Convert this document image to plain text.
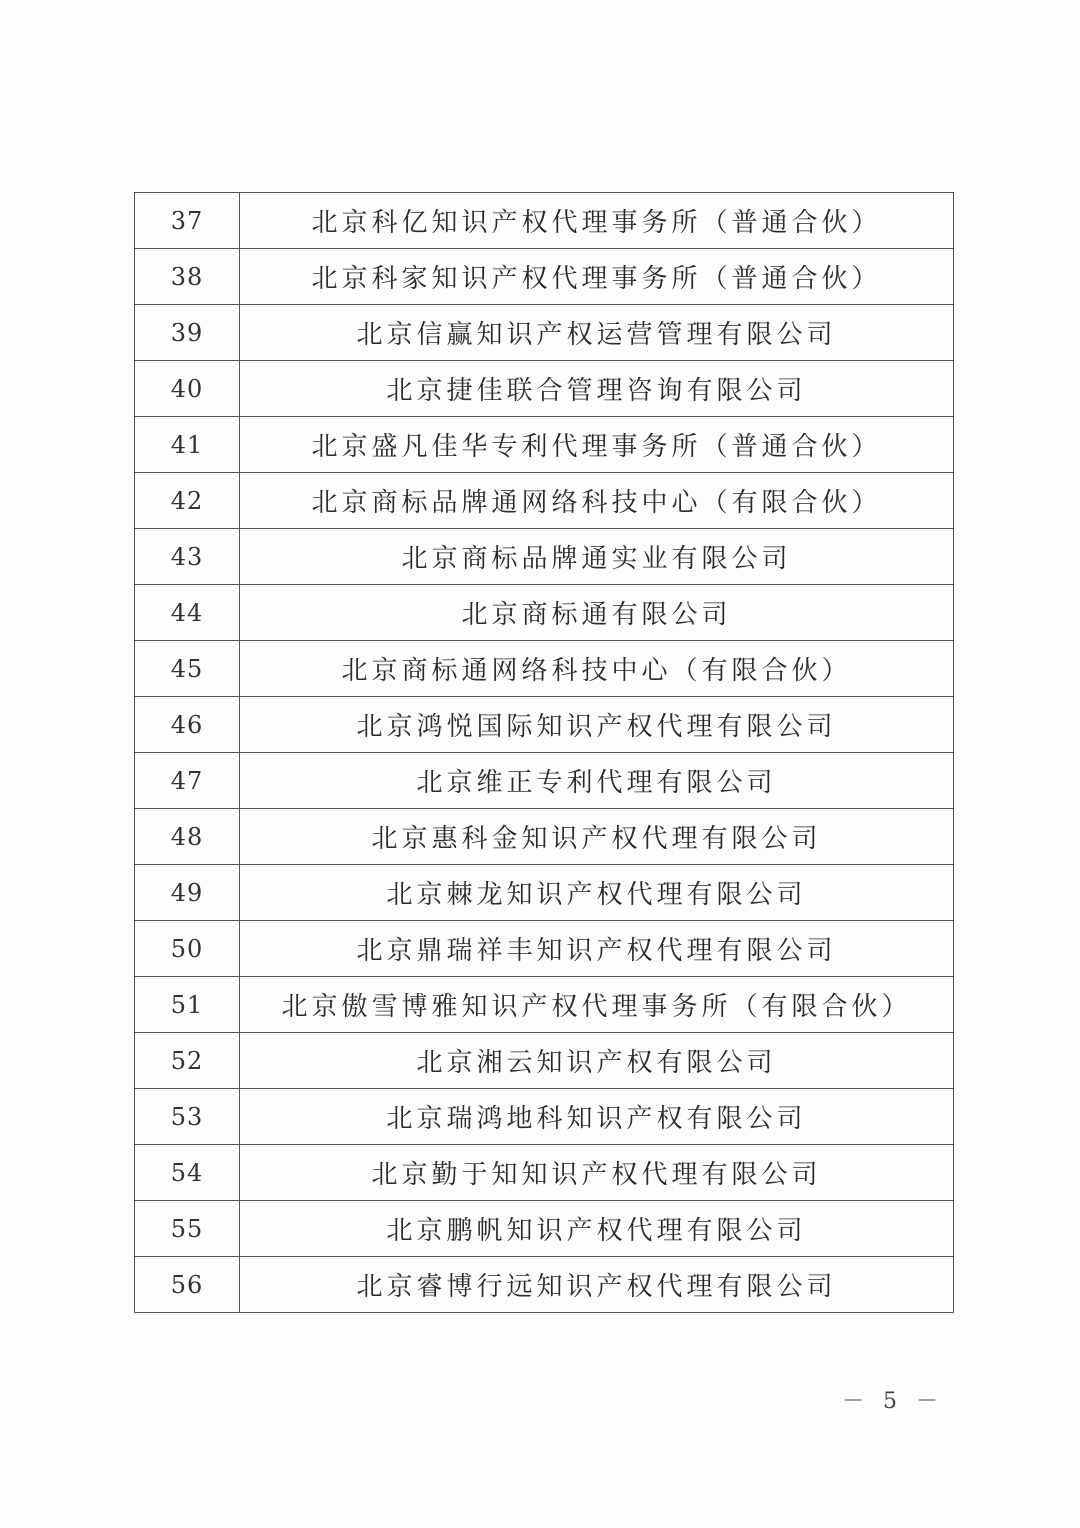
37	北京科亿知识产权代理事务所（普通合伙）
38	北京科家知识产权代理事务所（普通合伙）
39	北京信赢知识产权运营管理有限公司
40	北京捷佳联合管理咨询有限公司
41	北京盛凡佳华专利代理事务所（普通合伙）
42	北京商标品牌通网络科技中心（有限合伙）
43	北京商标品牌通实业有限公司
44	北京商标通有限公司
45	北京商标通网络科技中心（有限合伙）
46	北京鸿悦国际知识产权代理有限公司
47	北京维正专利代理有限公司
48	北京惠科金知识产权代理有限公司
49	北京棘龙知识产权代理有限公司
50	北京鼎瑞祥丰知识产权代理有限公司
51	北京傲雪博雅知识产权代理事务所（有限合伙）
52	北京湘云知识产权有限公司
53	北京瑞鸿地科知识产权有限公司
54	北京勤于知知识产权代理有限公司
55	北京鹏帆知识产权代理有限公司
56	北京睿博行远知识产权代理有限公司
－ 5 －
